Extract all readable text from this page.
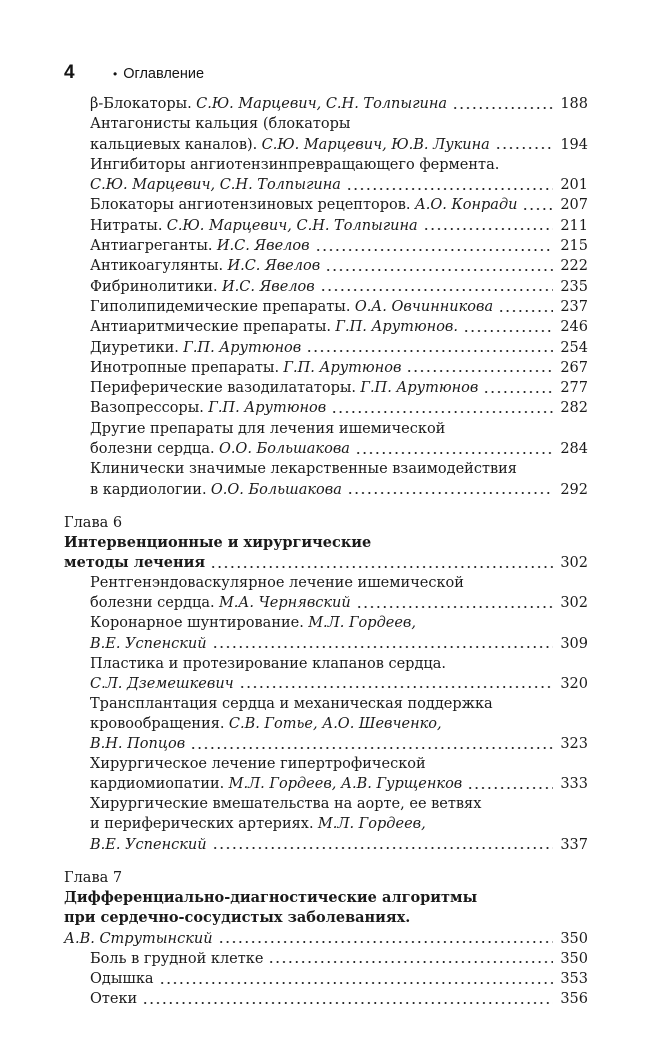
4	• Оглавление
β-Блокаторы. С.Ю. Марцевич, С.Н. Толпыгина	188
Антагонисты кальция (блокаторы
кальциевых каналов). С.Ю. Марцевич, Ю.В. Лукина	194
Ингибиторы ангиотензинпревращающего фермента.
С.Ю. Марцевич, С.Н. Толпыгина	201
Блокаторы ангиотензиновых рецепторов. А.О. Конради	207
Нитраты. С.Ю. Марцевич, С.Н. Толпыгина	211
Антиагреганты. И.С. Явелов	215
Антикоагулянты. И.С. Явелов	222
Фибринолитики. И.С. Явелов	235
Гиполипидемические препараты. О.А. Овчинникова	237
Антиаритмические препараты. Г.П. Арутюнов.	246
Диуретики. Г.П. Арутюнов	254
Инотропные препараты. Г.П. Арутюнов	267
Периферические вазодилататоры. Г.П. Арутюнов	277
Вазопрессоры. Г.П. Арутюнов	282
Другие препараты для лечения ишемической
болезни сердца. О.О. Большакова	284
Клинически значимые лекарственные взаимодействия
в кардиологии. О.О. Большакова	292
Глава 6
Интервенционные и хирургические
методы лечения	302
Рентгенэндоваскулярное лечение ишемической
болезни сердца. М.А. Чернявский	302
Коронарное шунтирование. М.Л. Гордеев,
В.Е. Успенский	309
Пластика и протезирование клапанов сердца.
С.Л. Дземешкевич	320
Трансплантация сердца и механическая поддержка
кровообращения. С.В. Готье, А.О. Шевченко,
В.Н. Попцов	323
Хирургическое лечение гипертрофической
кардиомиопатии. М.Л. Гордеев, А.В. Гурщенков	333
Хирургические вмешательства на аорте, ее ветвях
и периферических артериях. М.Л. Гордеев,
В.Е. Успенский	337
Глава 7
Дифференциально-диагностические алгоритмы
при сердечно-сосудистых заболеваниях.
А.В. Струтынский	350
Боль в грудной клетке	350
Одышка	353
Отеки	356
